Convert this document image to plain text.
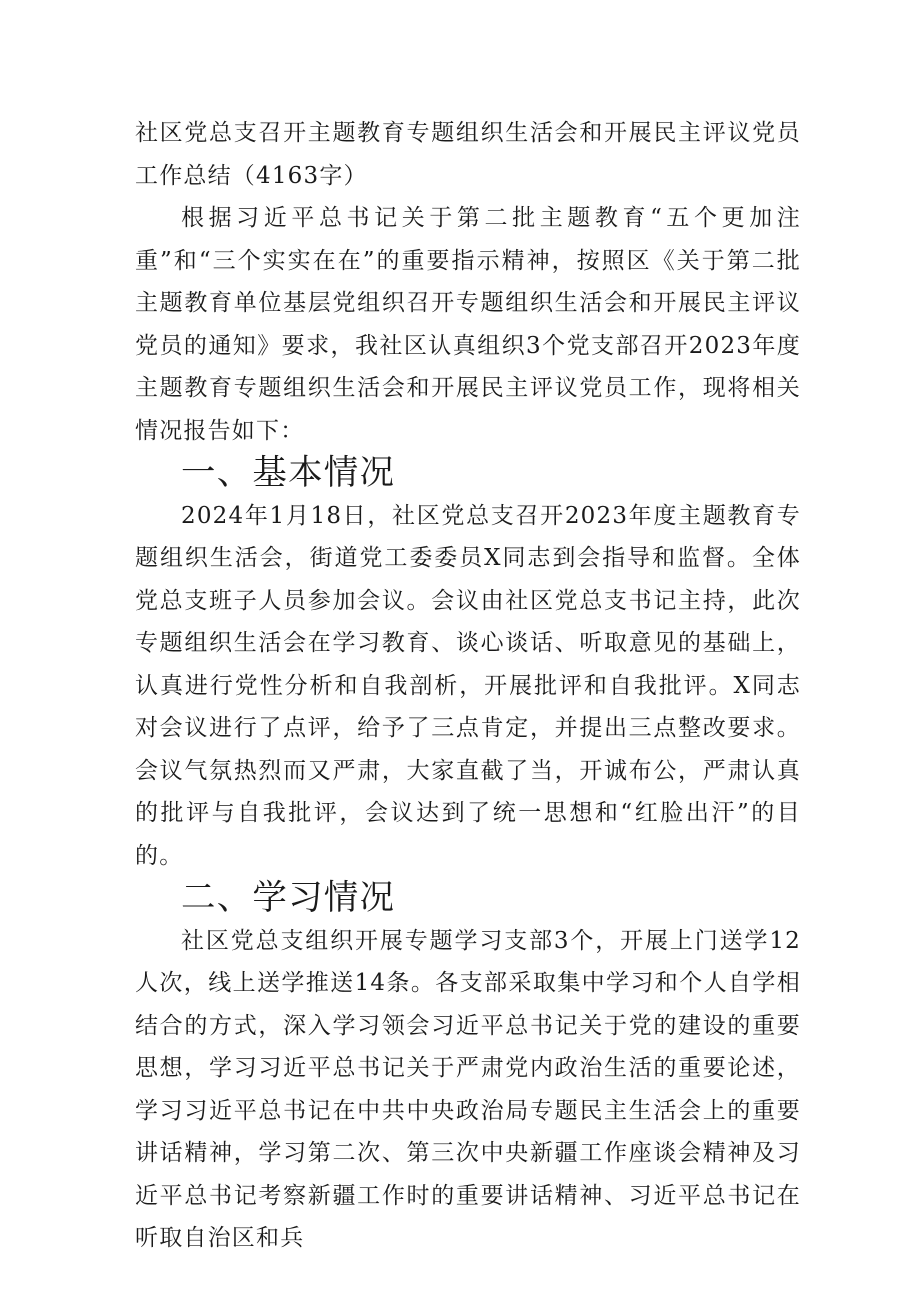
社区党总支召开主题教育专题组织生活会和开展民主评议党员工作总结（4163字）

根据习近平总书记关于第二批主题教育“五个更加注重”和“三个实实在在”的重要指示精神，按照区《关于第二批主题教育单位基层党组织召开专题组织生活会和开展民主评议党员的通知》要求，我社区认真组织3个党支部召开2023年度主题教育专题组织生活会和开展民主评议党员工作，现将相关情况报告如下：

一、基本情况

2024年1月18日，社区党总支召开2023年度主题教育专题组织生活会，街道党工委委员X同志到会指导和监督。全体党总支班子人员参加会议。会议由社区党总支书记主持，此次专题组织生活会在学习教育、谈心谈话、听取意见的基础上，认真进行党性分析和自我剖析，开展批评和自我批评。X同志对会议进行了点评，给予了三点肯定，并提出三点整改要求。会议气氛热烈而又严肃，大家直截了当，开诚布公，严肃认真的批评与自我批评，会议达到了统一思想和“红脸出汗”的目的。

二、学习情况

社区党总支组织开展专题学习支部3个，开展上门送学12人次，线上送学推送14条。各支部采取集中学习和个人自学相结合的方式，深入学习领会习近平总书记关于党的建设的重要思想，学习习近平总书记关于严肃党内政治生活的重要论述，学习习近平总书记在中共中央政治局专题民主生活会上的重要讲话精神，学习第二次、第三次中央新疆工作座谈会精神及习近平总书记考察新疆工作时的重要讲话精神、习近平总书记在听取自治区和兵
